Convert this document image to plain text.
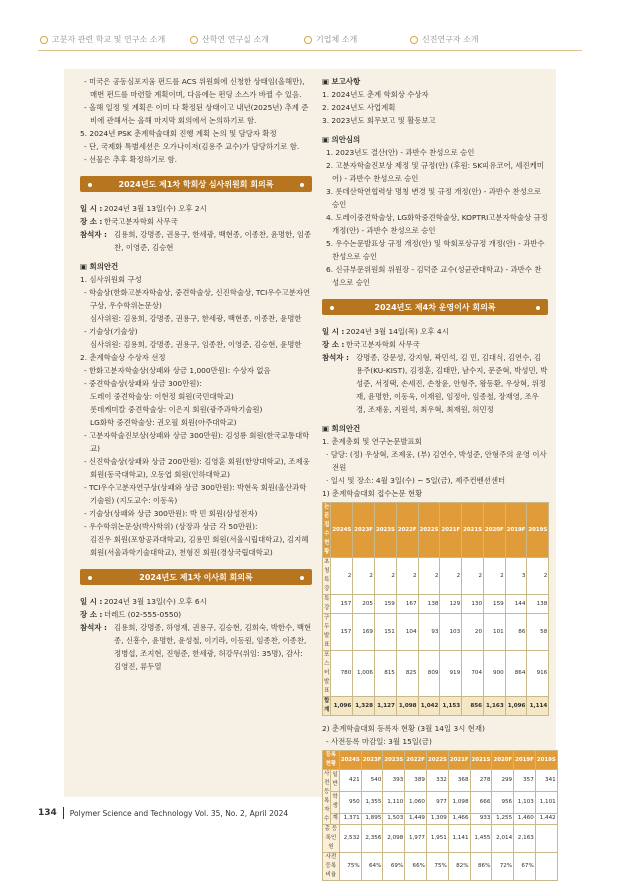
고분자 관련 학교 및 연구소 소개	산학연 연구실 소개	기업체 소개	신진연구자 소개
- 미국은 공동심포지움 펀드를 ACS 위원회에 신청한 상태임(올해만), 매번 펀드를 마련할 계획이며, 다음에는 펀딩 소스가 바뀔 수 있음.
- 올해 일정 및 계획은 이미 다 확정된 상태이고 내년(2025년) 추계 준비에 관해서는 올해 마지막 회의에서 논의하기로 함.
5. 2024년 PSK 춘계학술대회 진행 계획 논의 및 담당자 확정
- 단, 국제화 특별세션은 오가나이저(김용주 교수)가 담당하기로 함.
- 선물은 추후 확정하기로 함.
2024년도 제1차 학회상 심사위원회 회의록
일 시 : 2024년 3월 13일(수) 오후 2시
장 소 : 한국고분자학회 사무국
참석자 : 김용희, 강명종, 권용구, 한세광, 백현종, 이종찬, 윤명한, 임종찬, 이영준, 김승현
▣ 회의안건
1. 심사위원회 구성
- 학술상(한화고분자학술상, 중견학술상, 신진학술상, TCI우수고분자연구상, 우수학위논문상)
심사위원: 김용희, 강명종, 권용구, 한세광, 백현종, 이종찬, 윤명한
- 기술상(기술상)
심사위원: 김용희, 강명종, 권용구, 임종찬, 이영준, 김승현, 윤명한
2. 춘계학술상 수상자 선정
- 한화고분자학술상(상패와 상금 1,000만원): 수상자 없음
- 중견학술상(상패와 상금 300만원):
도레이 중견학술상: 이현정 회원(국민대학교)
롯데케미칼 중견학술상: 이은지 회원(광주과학기술원)
LG화학 중견학술상: 권오필 회원(아주대학교)
- 고분자학술진보상(상패와 상금 300만원): 김성룡 회원(한국교통대학교)
- 신진학술상(상패와 상금 200만원): 김영훈 회원(한양대학교), 조제웅 회원(동국대학교), 오동엽 회원(인하대학교)
- TCI우수고분자연구상(상패와 상금 300만원): 박현욱 회원(울산과학기술원) (지도교수: 이동욱)
- 기술상(상패와 상금 300만원): 박 민 회원(삼성전자)
- 우수학위논문상(박사학위) (상장과 상금 각 50만원):
김진우 회원(포항공과대학교), 김용민 회원(서울시립대학교), 김지혜 회원(서울과학기술대학교), 천형진 회원(경상국립대학교)
2024년도 제1차 이사회 회의록
일 시 : 2024년 3월 13일(수) 오후 6시
장 소 : 더레드 (02-555-0550)
참석자 : 김용희, 강명종, 하영재, 권용구, 김승현, 김희숙, 박한수, 백현종, 신흥수, 윤명한, 윤성철, 이기라, 이동원, 임종찬, 이종찬, 정병섭, 조지현, 진형준, 한세광, 허강무(위임: 35명), 감사: 김영진, 류두열
▣ 보고사항
1. 2024년도 춘계 학회상 수상자
2. 2024년도 사업계획
3. 2023년도 회무보고 및 활동보고
▣ 의안심의
1. 2023년도 결산(안) - 과반수 찬성으로 승인
2. 고분자학술진보상 제정 및 규정(안) (후원: SK피유코어, 세진케미어) - 과반수 찬성으로 승인
3. 롯데산학연협력상 명칭 변경 및 규정 개정(안) - 과반수 찬성으로 승인
4. 도레이중견학술상, LG화학중견학술상, KOPTRI고분자학술상 규정 개정(안) - 과반수 찬성으로 승인
5. 우수논문발표상 규정 개정(안) 및 학회포상규정 개정(안) - 과반수 찬성으로 승인
6. 신규부문위원회 위원장 - 김덕준 교수(성균관대학교) - 과반수 찬성으로 승인
2024년도 제4차 운영이사 회의록
일 시 : 2024년 3월 14일(목) 오후 4시
장 소 : 한국고분자학회 사무국
참석자 : 강명종, 강문성, 강지형, 곽민석, 김 민, 김대식, 김연수, 김용주(KU-KIST), 김정훈, 김태만, 남수지, 문준혁, 박성민, 박성준, 서정택, 손세진, 손창윤, 안형주, 왕동환, 우상혁, 위정재, 윤명한, 이동욱, 이재원, 임정아, 임종철, 장재영, 조우경, 조재웅, 지원석, 최우혁, 최재원, 허민정
▣ 회의안건
1. 춘계총회 및 연구논문발표회
· 담당: (정) 우상혁, 조제웅, (부) 김연수, 박성준, 안형주의 운영 이사 전원
· 일시 및 장소: 4월 3일(수) ~ 5일(금), 제주컨벤션센터
1) 춘계학술대회 접수논문 현황
논문접수 현황	2024S	2023F	2023S	2022F	2022S	2021F	2021S	2020F	2019F	2019S
초청특강	2	2	2	2	2	2	2	2	3	2
특강	157	205	159	167	138	129	130	159	144	138
구두발표	157	169	151	104	93	103	20	101	86	58
포스터발표	780	1,006	815	825	809	919	704	900	864	916
합 계	1,096	1,328	1,127	1,098	1,042	1,153	856	1,163	1,096	1,114
2) 춘계학술대회 등록자 현황 (3월 14일 3시 현재)
- 사전등록 마감일: 3월 15일(금)
등록 현황		2024S	2023F	2023S	2022F	2022S	2021F	2021S	2020F	2019F	2019S
사전 등록자 수	일반	421	540	393	389	332	368	278	299	357	341
	학생	950	1,355	1,110	1,060	977	1,098	666	956	1,103	1,101
	계	1,371	1,895	1,503	1,449	1,309	1,466	933	1,255	1,460	1,442
총 등록인원		2,532	2,356	2,098	1,977	1,951	1,141	1,455	2,014	2,163	
사전등록 비율		75%	64%	69%	66%	75%	82%	86%	72%	67%	
134 Polymer Science and Technology Vol. 35, No. 2, April 2024
